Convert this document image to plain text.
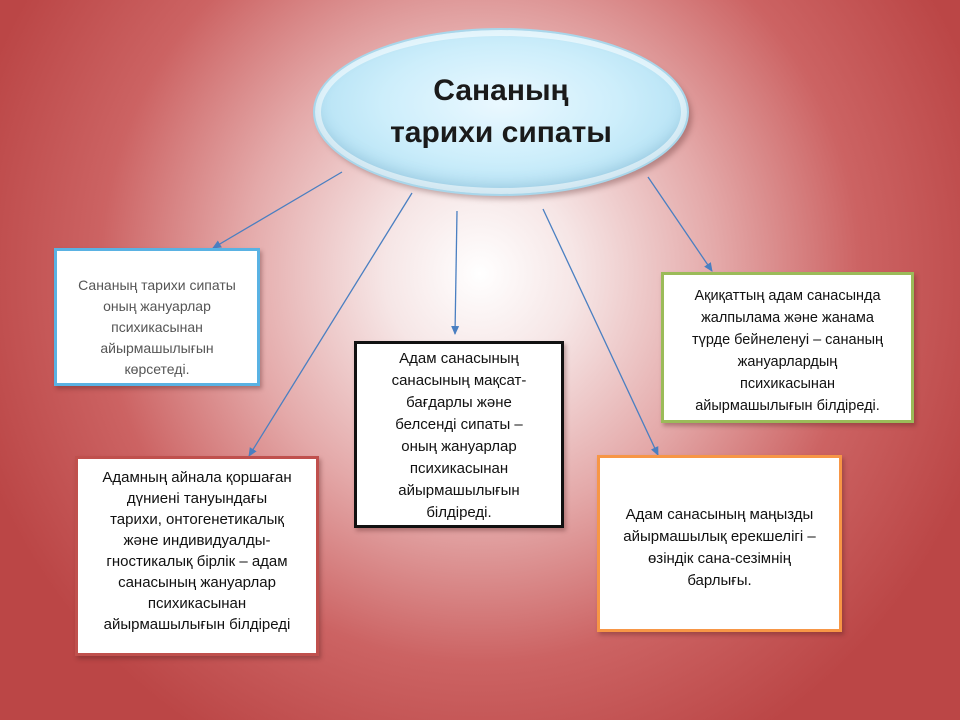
Сананың
тарихи сипаты
Сананың тарихи сипаты
оның жануарлар
психикасынан
айырмашылығын
көрсетеді.
Адамның айнала қоршаған
дүниені тануындағы
тарихи, онтогенетикалық
және индивидуалды-
гностикалық бірлік – адам
санасының жануарлар
психикасынан
айырмашылығын білдіреді
Адам санасының
санасының мақсат-
бағдарлы және
белсенді сипаты –
оның жануарлар
психикасынан
айырмашылығын
білдіреді.
Ақиқаттың адам санасында
жалпылама және жанама
түрде бейнеленуі – сананың
жануарлардың
психикасынан
айырмашылығын білдіреді.
Адам санасының маңызды
айырмашылық ерекшелігі –
өзіндік сана-сезімнің
барлығы.
